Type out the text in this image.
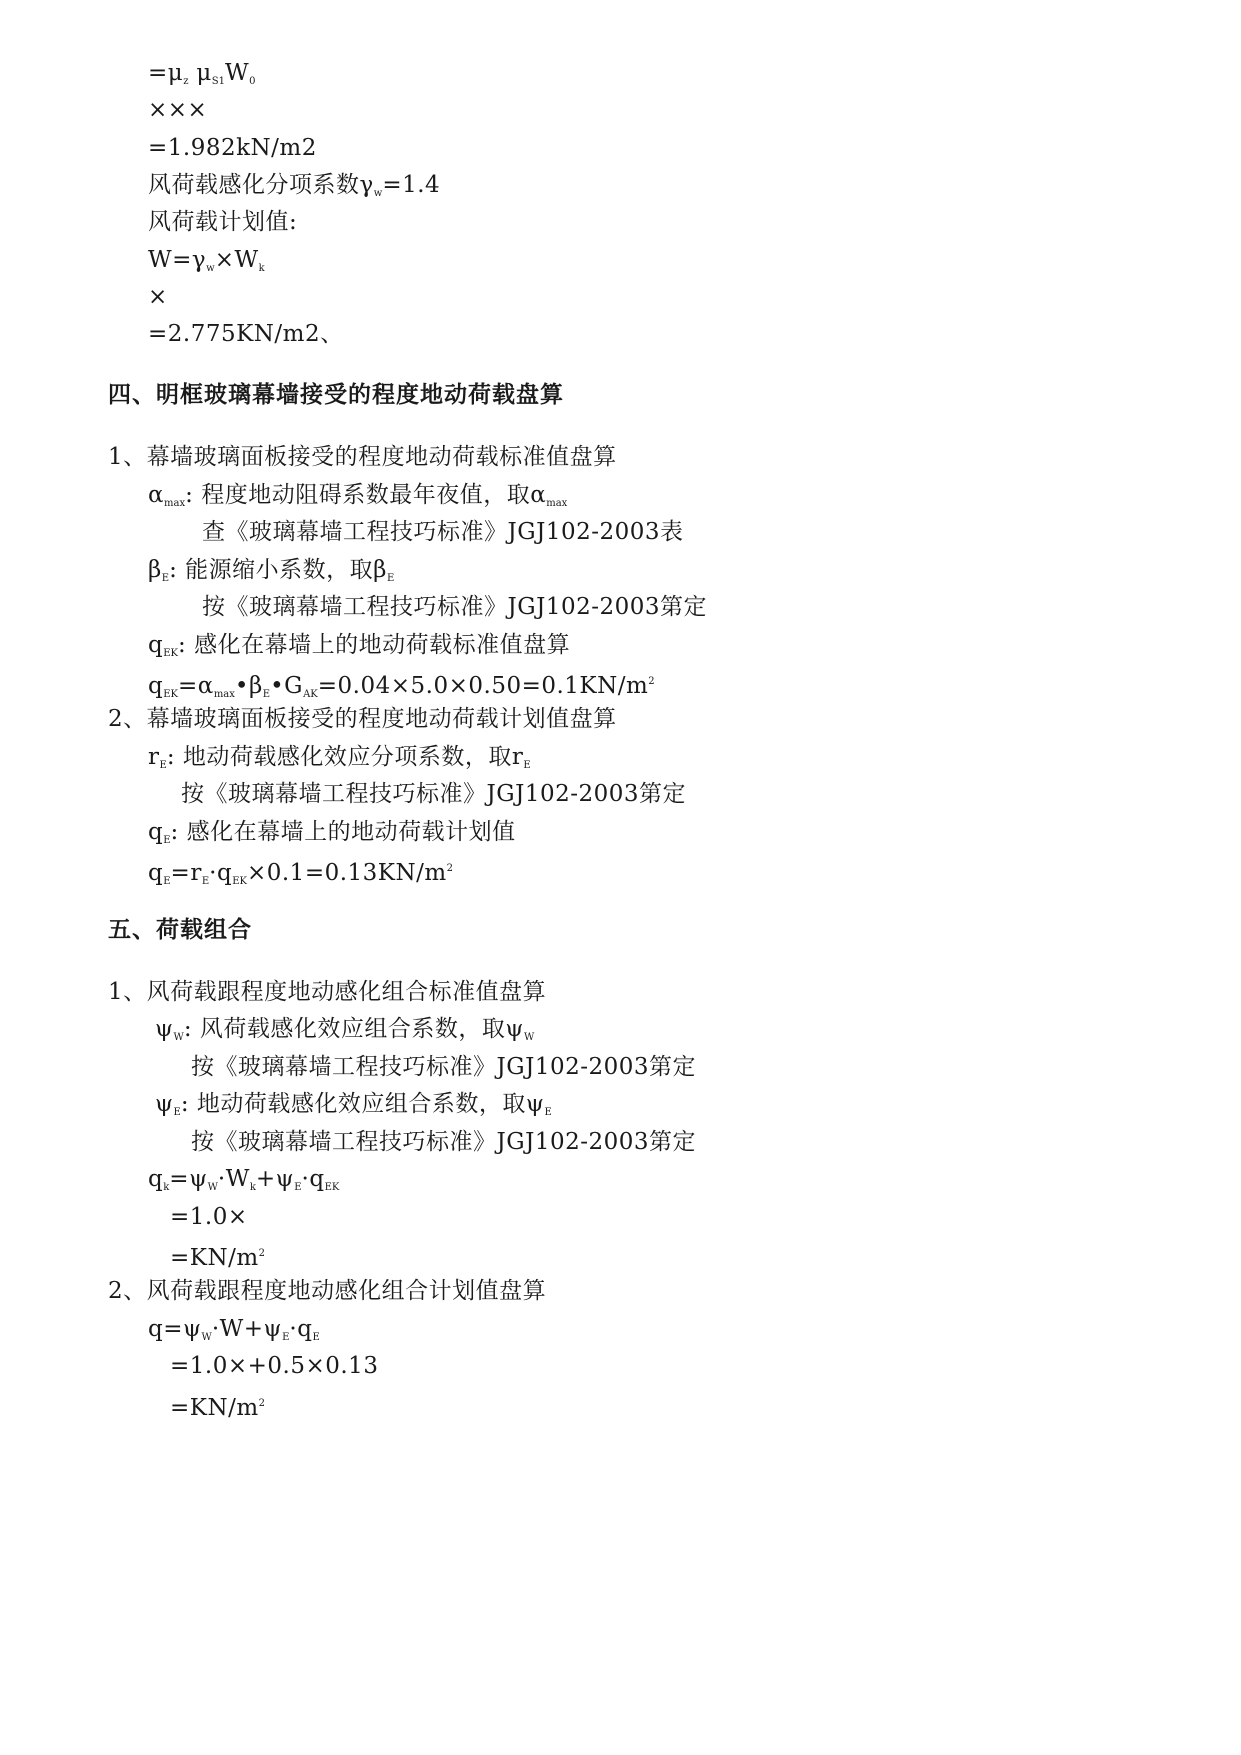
=μz μS1W0
×××
=1.982kN/m2
风荷载感化分项系数γw=1.4
风荷载计划值:
W=γw×Wk
×
=2.775KN/m2、
四、明框玻璃幕墙接受的程度地动荷载盘算
1、幕墙玻璃面板接受的程度地动荷载标准值盘算
αmax: 程度地动阻碍系数最年夜值，取αmax
查《玻璃幕墙工程技巧标准》JGJ102-2003表
βE: 能源缩小系数，取βE
按《玻璃幕墙工程技巧标准》JGJ102-2003第定
qEK: 感化在幕墙上的地动荷载标准值盘算
$qEK=\alpha\max•\beta E•GAK=0.04\times 5.0\times 0.50=0.1KN/m^2$
2、幕墙玻璃面板接受的程度地动荷载计划值盘算
rE: 地动荷载感化效应分项系数，取rE
按《玻璃幕墙工程技巧标准》JGJ102-2003第定
qE: 感化在幕墙上的地动荷载计划值
$qE=rE\cdot qEK\times 0.1=0.13KN/m^2$
五、荷载组合
1、风荷载跟程度地动感化组合标准值盘算
ψW: 风荷载感化效应组合系数，取ψW
按《玻璃幕墙工程技巧标准》JGJ102-2003第定
ψE: 地动荷载感化效应组合系数，取ψE
按《玻璃幕墙工程技巧标准》JGJ102-2003第定
qk=ψW·Wk+ψE·qEK
=1.0×
$=KN/m^2$
2、风荷载跟程度地动感化组合计划值盘算
q=ψW·W+ψE·qE
=1.0×+0.5×0.13
$=KN/m^2$
